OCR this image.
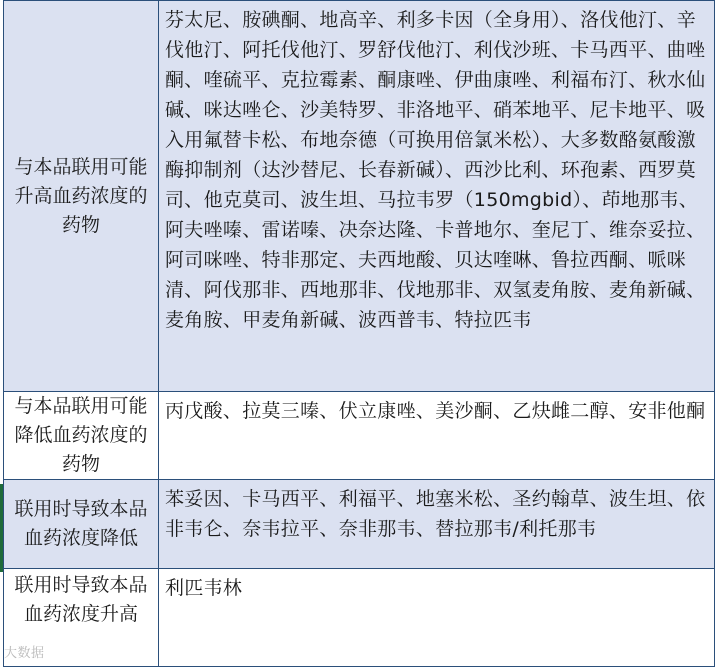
与本品联用可能升高血药浓度的药物	芬太尼、胺碘酮、地高辛、利多卡因（全身用）、洛伐他汀、辛伐他汀、阿托伐他汀、罗舒伐他汀、利伐沙班、卡马西平、曲唑酮、喹硫平、克拉霉素、酮康唑、伊曲康唑、利福布汀、秋水仙碱、咪达唑仑、沙美特罗、非洛地平、硝苯地平、尼卡地平、吸入用氟替卡松、布地奈德（可换用倍氯米松）、大多数酪氨酸激酶抑制剂（达沙替尼、长春新碱）、西沙比利、环孢素、西罗莫司、他克莫司、波生坦、马拉韦罗（150mgbid）、茚地那韦、阿夫唑嗪、雷诺嗪、决奈达隆、卡普地尔、奎尼丁、维奈妥拉、阿司咪唑、特非那定、夫西地酸、贝达喹啉、鲁拉西酮、哌咪清、阿伐那非、西地那非、伐地那非、双氢麦角胺、麦角新碱、麦角胺、甲麦角新碱、波西普韦、特拉匹韦

与本品联用可能降低血药浓度的药物	丙戊酸、拉莫三嗪、伏立康唑、美沙酮、乙炔雌二醇、安非他酮

联用时导致本品血药浓度降低	苯妥因、卡马西平、利福平、地塞米松、圣约翰草、波生坦、依非韦仑、奈韦拉平、奈非那韦、替拉那韦/利托那韦

联用时导致本品血药浓度升高	利匹韦林
大数据
